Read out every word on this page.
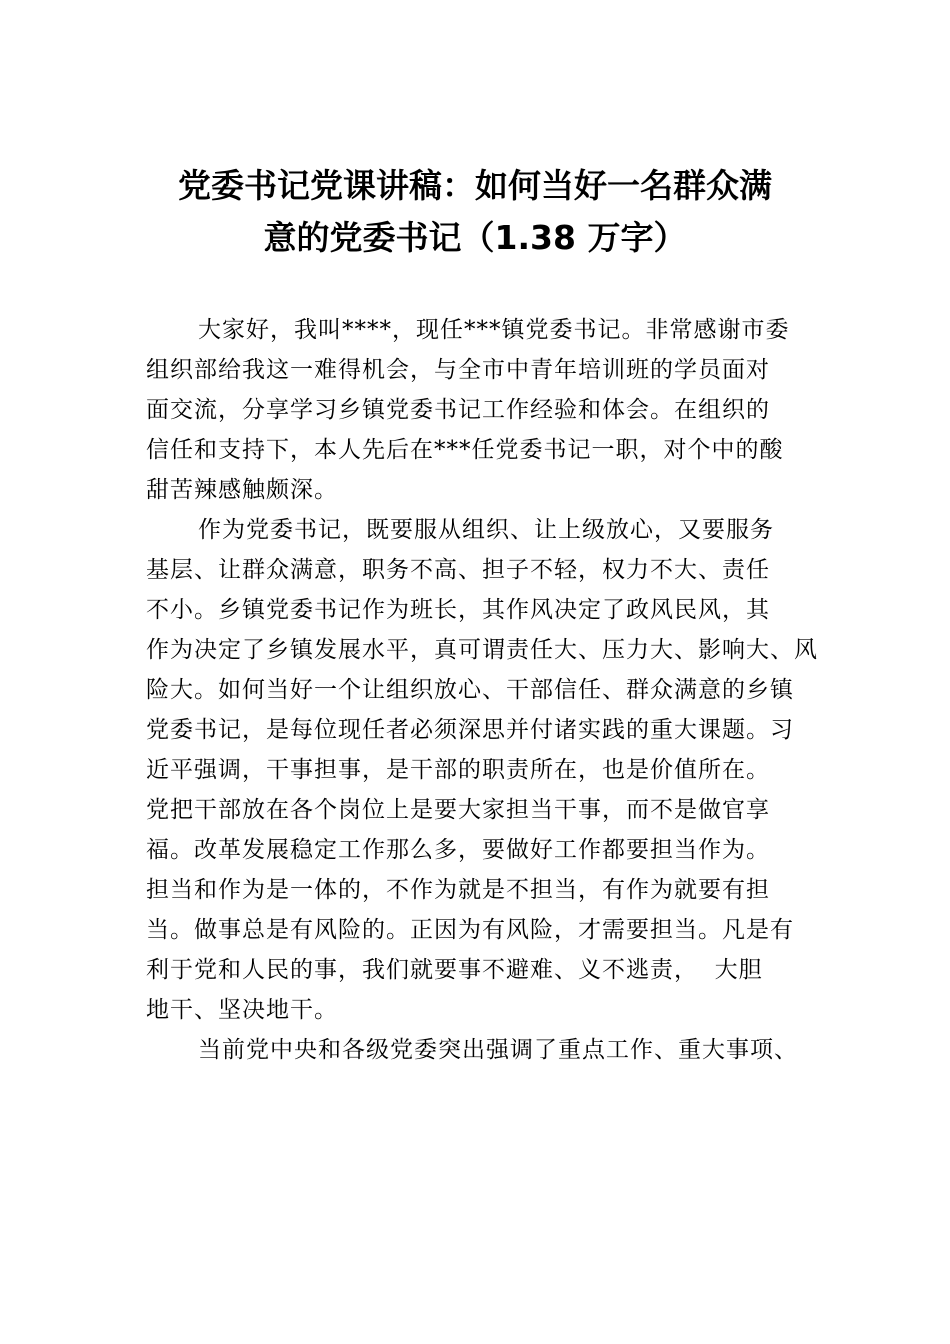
党委书记党课讲稿：如何当好一名群众满
意的党委书记（1.38 万字）
大家好，我叫****，现任***镇党委书记。非常感谢市委
组织部给我这一难得机会，与全市中青年培训班的学员面对
面交流，分享学习乡镇党委书记工作经验和体会。在组织的
信任和支持下，本人先后在***任党委书记一职，对个中的酸
甜苦辣感触颇深。
作为党委书记，既要服从组织、让上级放心，又要服务
基层、让群众满意，职务不高、担子不轻，权力不大、责任
不小。乡镇党委书记作为班长，其作风决定了政风民风，其
作为决定了乡镇发展水平，真可谓责任大、压力大、影响大、风
险大。如何当好一个让组织放心、干部信任、群众满意的乡镇
党委书记，是每位现任者必须深思并付诸实践的重大课题。习
近平强调，干事担事，是干部的职责所在，也是价值所在。
党把干部放在各个岗位上是要大家担当干事，而不是做官享
福。改革发展稳定工作那么多，要做好工作都要担当作为。
担当和作为是一体的，不作为就是不担当，有作为就要有担
当。做事总是有风险的。正因为有风险，才需要担当。凡是有
利于党和人民的事，我们就要事不避难、义不逃责，  大胆
地干、坚决地干。
当前党中央和各级党委突出强调了重点工作、重大事项、
